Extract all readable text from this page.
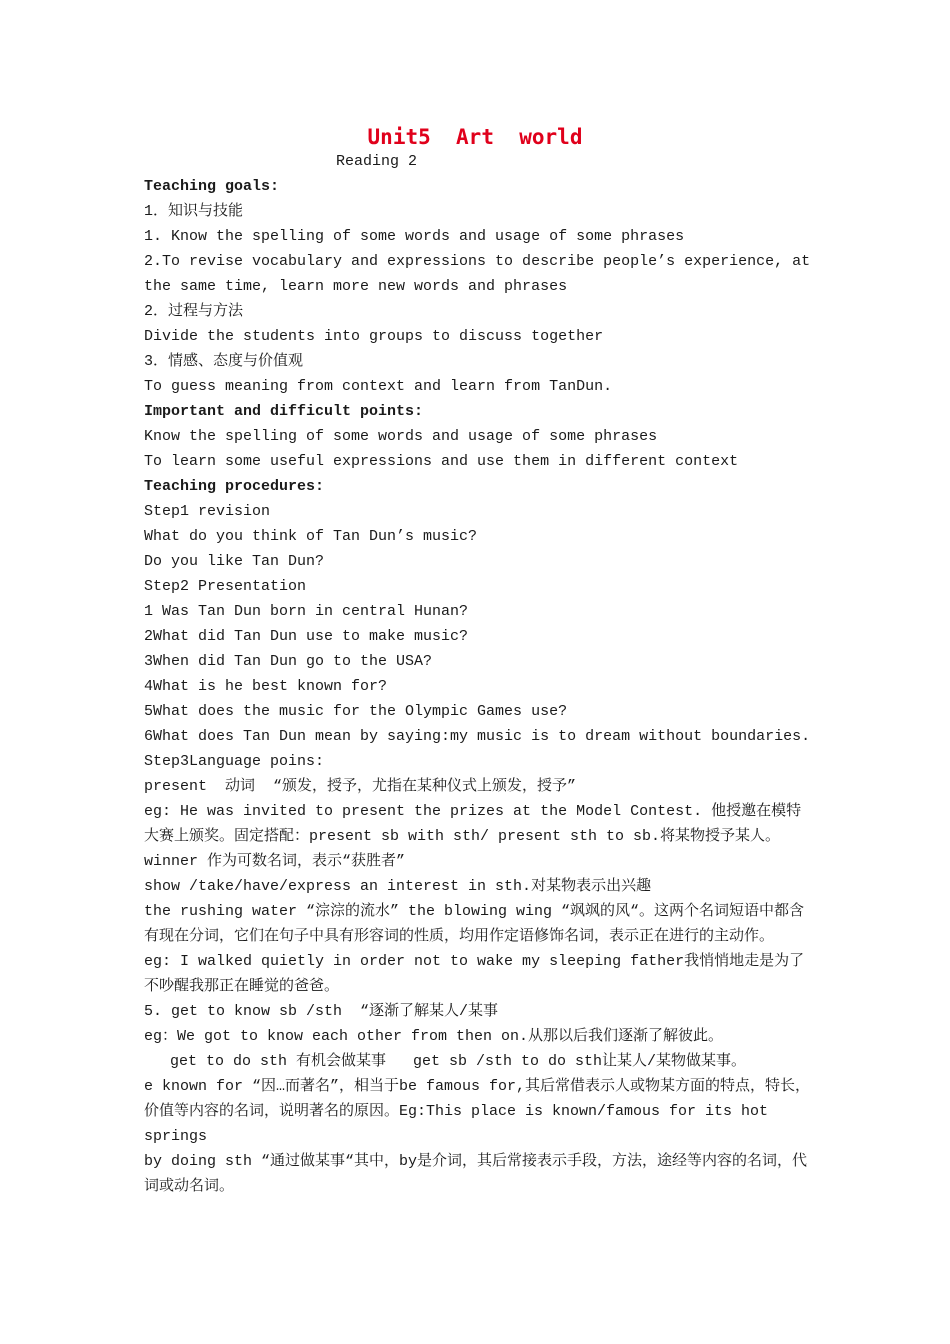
Unit5  Art  world
Reading 2

Teaching goals:

1．知识与技能

1. Know the spelling of some words and usage of some phrases

2.To revise vocabulary and expressions to describe people’s experience, at the same time, learn more new words and phrases

2．过程与方法

Divide the students into groups to discuss together

3．情感、态度与价值观

To guess meaning from context and learn from TanDun.

Important and difficult points:

Know the spelling of some words and usage of some phrases

To learn some useful expressions and use them in different context

Teaching procedures:

Step1 revision

What do you think of Tan Dun’s music?

Do you like Tan Dun?

Step2 Presentation

1 Was Tan Dun born in central Hunan?

2What did Tan Dun use to make music?

3When did Tan Dun go to the USA?

4What is he best known for?

5What does the music for the Olympic Games use?

6What does Tan Dun mean by saying:my music is to dream without boundaries.

Step3Language poins:

present  动词  “颁发，授予，尤指在某种仪式上颁发，授予”

eg: He was invited to present the prizes at the Model Contest. 他授邀在模特大赛上颁奖。固定搭配：present sb with sth/ present sth to sb.将某物授予某人。

winner 作为可数名词，表示“获胜者”

show /take/have/express an interest in sth.对某物表示出兴趣

the rushing water “淙淙的流水” the blowing wing “飒飒的风“。这两个名词短语中都含有现在分词，它们在句子中具有形容词的性质，均用作定语修饰名词，表示正在进行的主动作。

eg: I walked quietly in order not to wake my sleeping father我悄悄地走是为了不吵醒我那正在睡觉的爸爸。

5. get to know sb /sth  “逐渐了解某人/某事

eg：We got to know each other from then on.从那以后我们逐渐了解彼此。

get to do sth 有机会做某事   get sb /sth to do sth让某人/某物做某事。

e known for “因…而著名”，相当于be famous for,其后常借表示人或物某方面的特点，特长，价值等内容的名词，说明著名的原因。Eg:This place is known/famous for its hot springs

by doing sth “通过做某事“其中，by是介词，其后常接表示手段，方法，途经等内容的名词，代词或动名词。
